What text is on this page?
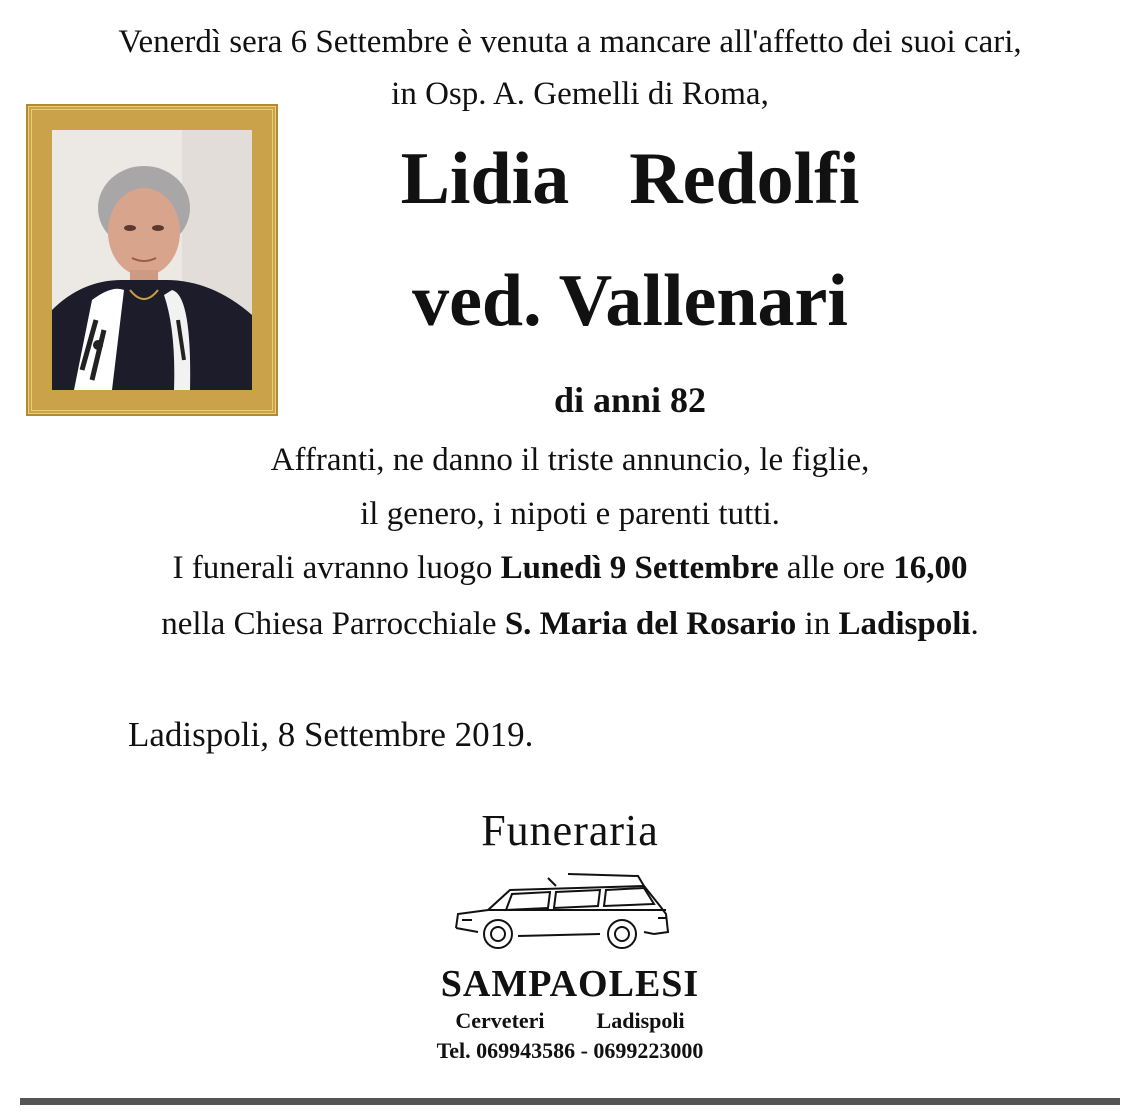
Venerdì sera 6 Settembre è venuta a mancare all'affetto dei suoi cari,
in Osp. A. Gemelli di Roma,
Lidia Redolfi
ved. Vallenari
di anni 82
Affranti, ne danno il triste annuncio, le figlie,
il genero, i nipoti e parenti tutti.
I funerali avranno luogo Lunedì 9 Settembre alle ore 16,00
nella Chiesa Parrocchiale S. Maria del Rosario in Ladispoli.
Ladispoli, 8 Settembre 2019.
Funeraria
SAMPAOLESI
Cerveteri Ladispoli
Tel. 069943586 - 0699223000
